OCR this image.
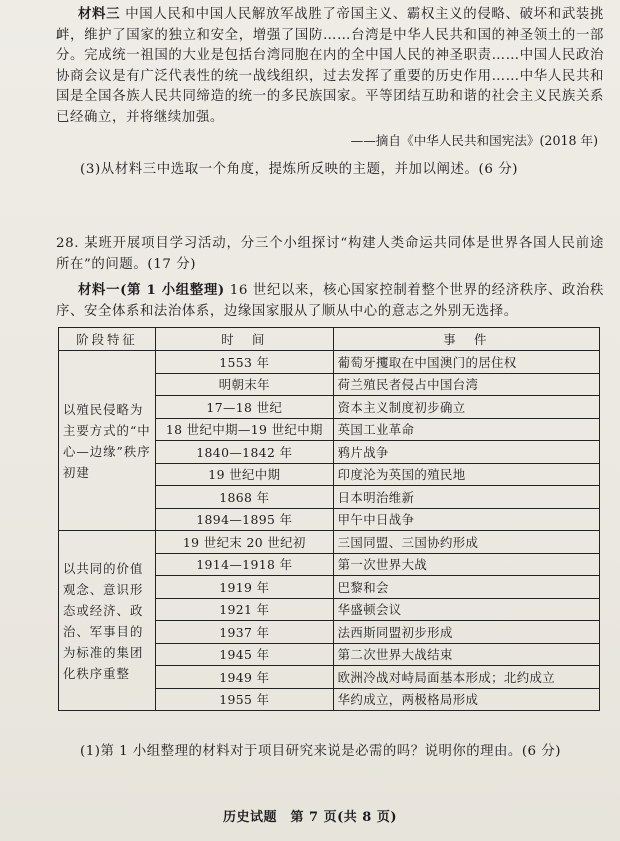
材料三 中国人民和中国人民解放军战胜了帝国主义、霸权主义的侵略、破坏和武装挑衅，维护了国家的独立和安全，增强了国防……台湾是中华人民共和国的神圣领土的一部分。完成统一祖国的大业是包括台湾同胞在内的全中国人民的神圣职责……中国人民政治协商会议是有广泛代表性的统一战线组织，过去发挥了重要的历史作用……中华人民共和国是全国各族人民共同缔造的统一的多民族国家。平等团结互助和谐的社会主义民族关系已经确立，并将继续加强。

——摘自《中华人民共和国宪法》(2018 年)
(3)从材料三中选取一个角度，提炼所反映的主题，并加以阐述。(6 分)

28. 某班开展项目学习活动，分三个小组探讨“构建人类命运共同体是世界各国人民前途所在”的问题。(17 分)

材料一(第 1 小组整理) 16 世纪以来，核心国家控制着整个世界的经济秩序、政治秩序、安全体系和法治体系，边缘国家服从了顺从中心的意志之外别无选择。

阶段特征	时　间	事　件
以殖民侵略为主要方式的“中心—边缘”秩序初建	1553 年	葡萄牙攫取在中国澳门的居住权
	明朝末年	荷兰殖民者侵占中国台湾
	17—18 世纪	资本主义制度初步确立
	18 世纪中期—19 世纪中期	英国工业革命
	1840—1842 年	鸦片战争
	19 世纪中期	印度沦为英国的殖民地
	1868 年	日本明治维新
	1894—1895 年	甲午中日战争
以共同的价值观念、意识形态或经济、政治、军事目的为标准的集团化秩序重整	19 世纪末 20 世纪初	三国同盟、三国协约形成
	1914—1918 年	第一次世界大战
	1919 年	巴黎和会
	1921 年	华盛顿会议
	1937 年	法西斯同盟初步形成
	1945 年	第二次世界大战结束
	1949 年	欧洲冷战对峙局面基本形成；北约成立
	1955 年	华约成立，两极格局形成
(1)第 1 小组整理的材料对于项目研究来说是必需的吗？说明你的理由。(6 分)
历史试题　第 7 页(共 8 页)
